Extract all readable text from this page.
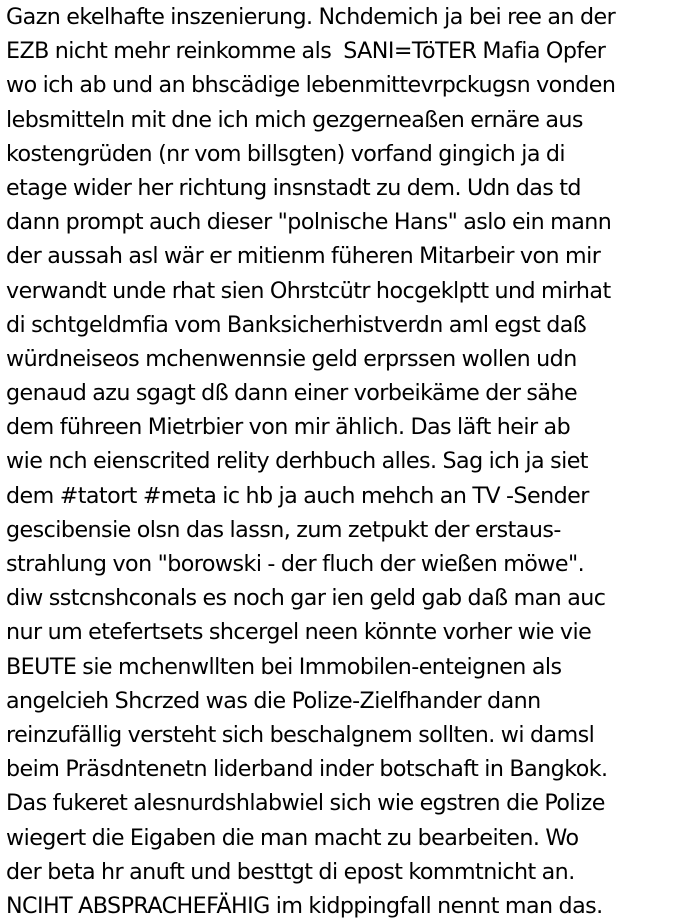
Gazn ekelhafte inszenierung. Nchdemich ja bei ree an der
EZB nicht mehr reinkomme als  SANI=TöTER Mafia Opfer
wo ich ab und an bhscädige lebenmittevrpckugsn vonden
lebsmitteln mit dne ich mich gezgerneaßen ernäre aus
kostengrüden (nr vom billsgten) vorfand gingich ja di
etage wider her richtung insnstadt zu dem. Udn das td
dann prompt auch dieser "polnische Hans" aslo ein mann
der aussah asl wär er mitienm füheren Mitarbeir von mir
verwandt unde rhat sien Ohrstcütr hocgeklptt und mirhat
di schtgeldmfia vom Banksicherhistverdn aml egst daß
würdneiseos mchenwennsie geld erprssen wollen udn
genaud azu sgagt dß dann einer vorbeikäme der sähe
dem führeen Mietrbier von mir ählich. Das läft heir ab
wie nch eienscrited relity derhbuch alles. Sag ich ja siet
dem #tatort #meta ic hb ja auch mehch an TV -Sender
gescibensie olsn das lassn, zum zetpukt der erstaus-
strahlung von "borowski - der fluch der wießen möwe".
diw sstcnshconals es noch gar ien geld gab daß man auc
nur um etefertsets shcergel neen könnte vorher wie vie
BEUTE sie mchenwllten bei Immobilen-enteignen als
angelcieh Shcrzed was die Polize-Zielfhander dann
reinzufällig versteht sich beschalgnem sollten. wi damsl
beim Präsdntenetn liderband inder botschaft in Bangkok.
Das fukeret alesnurdshlabwiel sich wie egstren die Polize
wiegert die Eigaben die man macht zu bearbeiten. Wo
der beta hr anuft und besttgt di epost kommtnicht an.
NCIHT ABSPRACHEFÄHIG im kidppingfall nennt man das.
